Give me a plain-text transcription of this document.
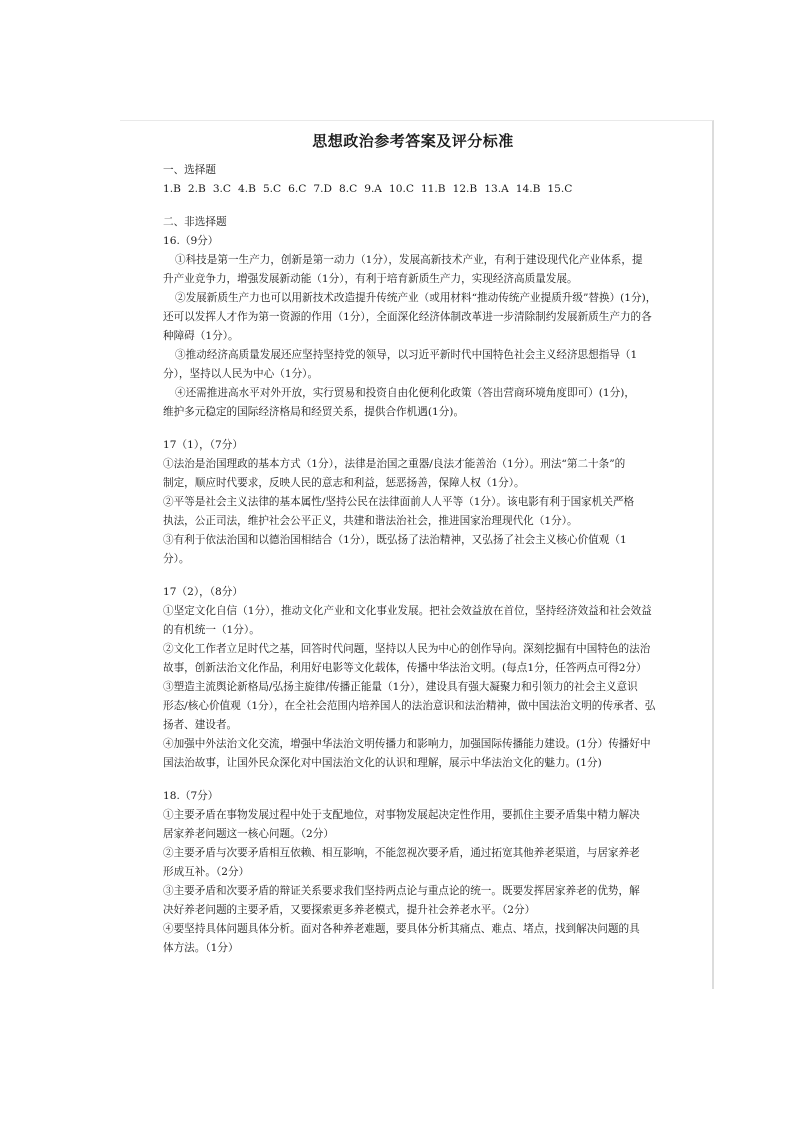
思想政治参考答案及评分标准
一、选择题
1.B 2.B 3.C 4.B 5.C 6.C 7.D 8.C 9.A 10.C 11.B 12.B 13.A 14.B 15.C
二、非选择题
16.（9分）
①科技是第一生产力，创新是第一动力（1分），发展高新技术产业，有利于建设现代化产业体系，提
升产业竞争力，增强发展新动能（1分），有利于培育新质生产力，实现经济高质量发展。
②发展新质生产力也可以用新技术改造提升传统产业（或用材料“推动传统产业提质升级”替换）(1分)，
还可以发挥人才作为第一资源的作用（1分），全面深化经济体制改革进一步清除制约发展新质生产力的各
种障碍（1分）。
③推动经济高质量发展还应坚持坚持党的领导，以习近平新时代中国特色社会主义经济思想指导（1
分），坚持以人民为中心（1分）。
④还需推进高水平对外开放，实行贸易和投资自由化便利化政策（答出营商环境角度即可）(1分)，
维护多元稳定的国际经济格局和经贸关系，提供合作机遇(1分)。
17（1），（7分）
①法治是治国理政的基本方式（1分），法律是治国之重器/良法才能善治（1分）。刑法“第二十条”的
制定，顺应时代要求，反映人民的意志和利益，惩恶扬善，保障人权（1分）。
②平等是社会主义法律的基本属性/坚持公民在法律面前人人平等（1分）。该电影有利于国家机关严格
执法，公正司法，维护社会公平正义，共建和谐法治社会，推进国家治理现代化（1分）。
③有利于依法治国和以德治国相结合（1分），既弘扬了法治精神，又弘扬了社会主义核心价值观（1
分）。
17（2），（8分）
①坚定文化自信（1分），推动文化产业和文化事业发展。把社会效益放在首位，坚持经济效益和社会效益
的有机统一（1分）。
②文化工作者立足时代之基，回答时代问题，坚持以人民为中心的创作导向。深刻挖掘有中国特色的法治
故事，创新法治文化作品，利用好电影等文化载体，传播中华法治文明。(每点1分，任答两点可得2分）
③塑造主流舆论新格局/弘扬主旋律/传播正能量（1分），建设具有强大凝聚力和引领力的社会主义意识
形态/核心价值观（1分），在全社会范围内培养国人的法治意识和法治精神，做中国法治文明的传承者、弘
扬者、建设者。
④加强中外法治文化交流，增强中华法治文明传播力和影响力，加强国际传播能力建设。(1分）传播好中
国法治故事，让国外民众深化对中国法治文化的认识和理解，展示中华法治文化的魅力。(1分)
18.（7分）
①主要矛盾在事物发展过程中处于支配地位，对事物发展起决定性作用，要抓住主要矛盾集中精力解决
居家养老问题这一核心问题。（2分）
②主要矛盾与次要矛盾相互依赖、相互影响，不能忽视次要矛盾，通过拓宽其他养老渠道，与居家养老
形成互补。（2分）
③主要矛盾和次要矛盾的辩证关系要求我们坚持两点论与重点论的统一。既要发挥居家养老的优势，解
决好养老问题的主要矛盾，又要探索更多养老模式，提升社会养老水平。（2分）
④要坚持具体问题具体分析。面对各种养老难题，要具体分析其痛点、难点、堵点，找到解决问题的具
体方法。（1分）
